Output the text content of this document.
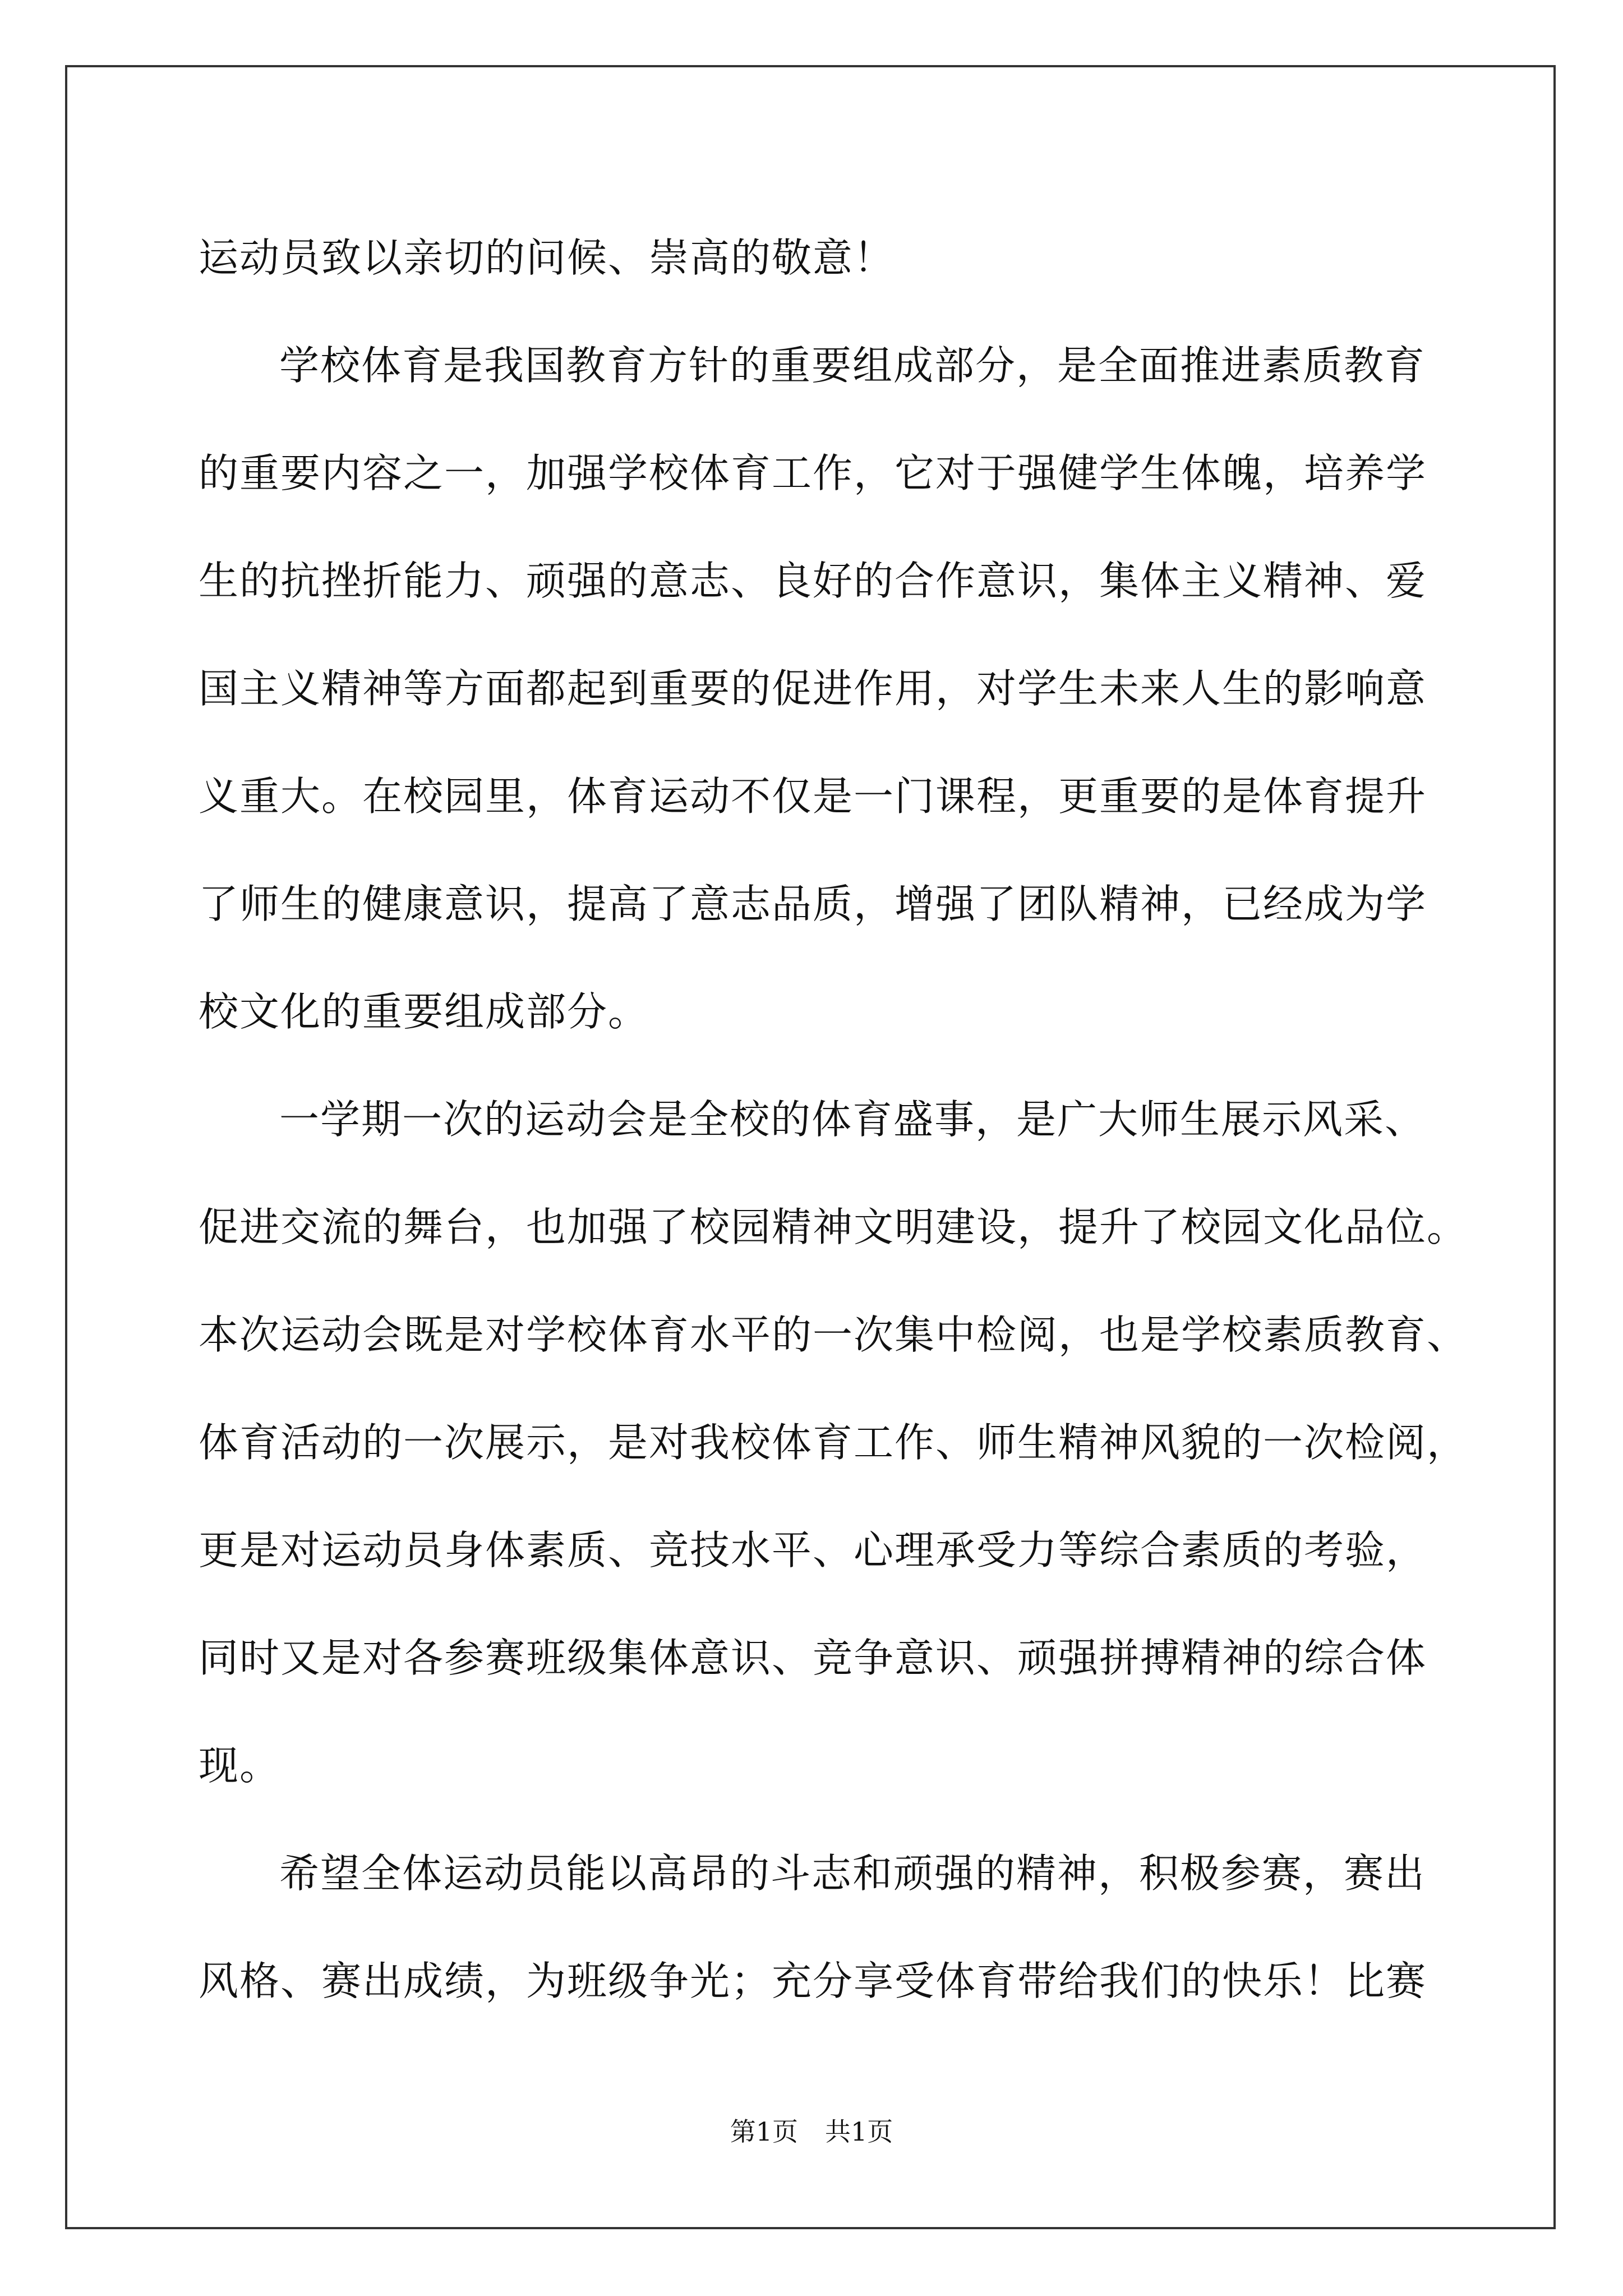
运动员致以亲切的问候、崇高的敬意！
学校体育是我国教育方针的重要组成部分，是全面推进素质教育
的重要内容之一，加强学校体育工作，它对于强健学生体魄，培养学
生的抗挫折能力、顽强的意志、良好的合作意识，集体主义精神、爱
国主义精神等方面都起到重要的促进作用，对学生未来人生的影响意
义重大。在校园里，体育运动不仅是一门课程，更重要的是体育提升
了师生的健康意识，提高了意志品质，增强了团队精神，已经成为学
校文化的重要组成部分。
一学期一次的运动会是全校的体育盛事，是广大师生展示风采、
促进交流的舞台，也加强了校园精神文明建设，提升了校园文化品位。
本次运动会既是对学校体育水平的一次集中检阅，也是学校素质教育、
体育活动的一次展示，是对我校体育工作、师生精神风貌的一次检阅，
更是对运动员身体素质、竞技水平、心理承受力等综合素质的考验，
同时又是对各参赛班级集体意识、竞争意识、顽强拼搏精神的综合体
现。
希望全体运动员能以高昂的斗志和顽强的精神，积极参赛，赛出
风格、赛出成绩，为班级争光；充分享受体育带给我们的快乐！比赛
第1页 共1页
